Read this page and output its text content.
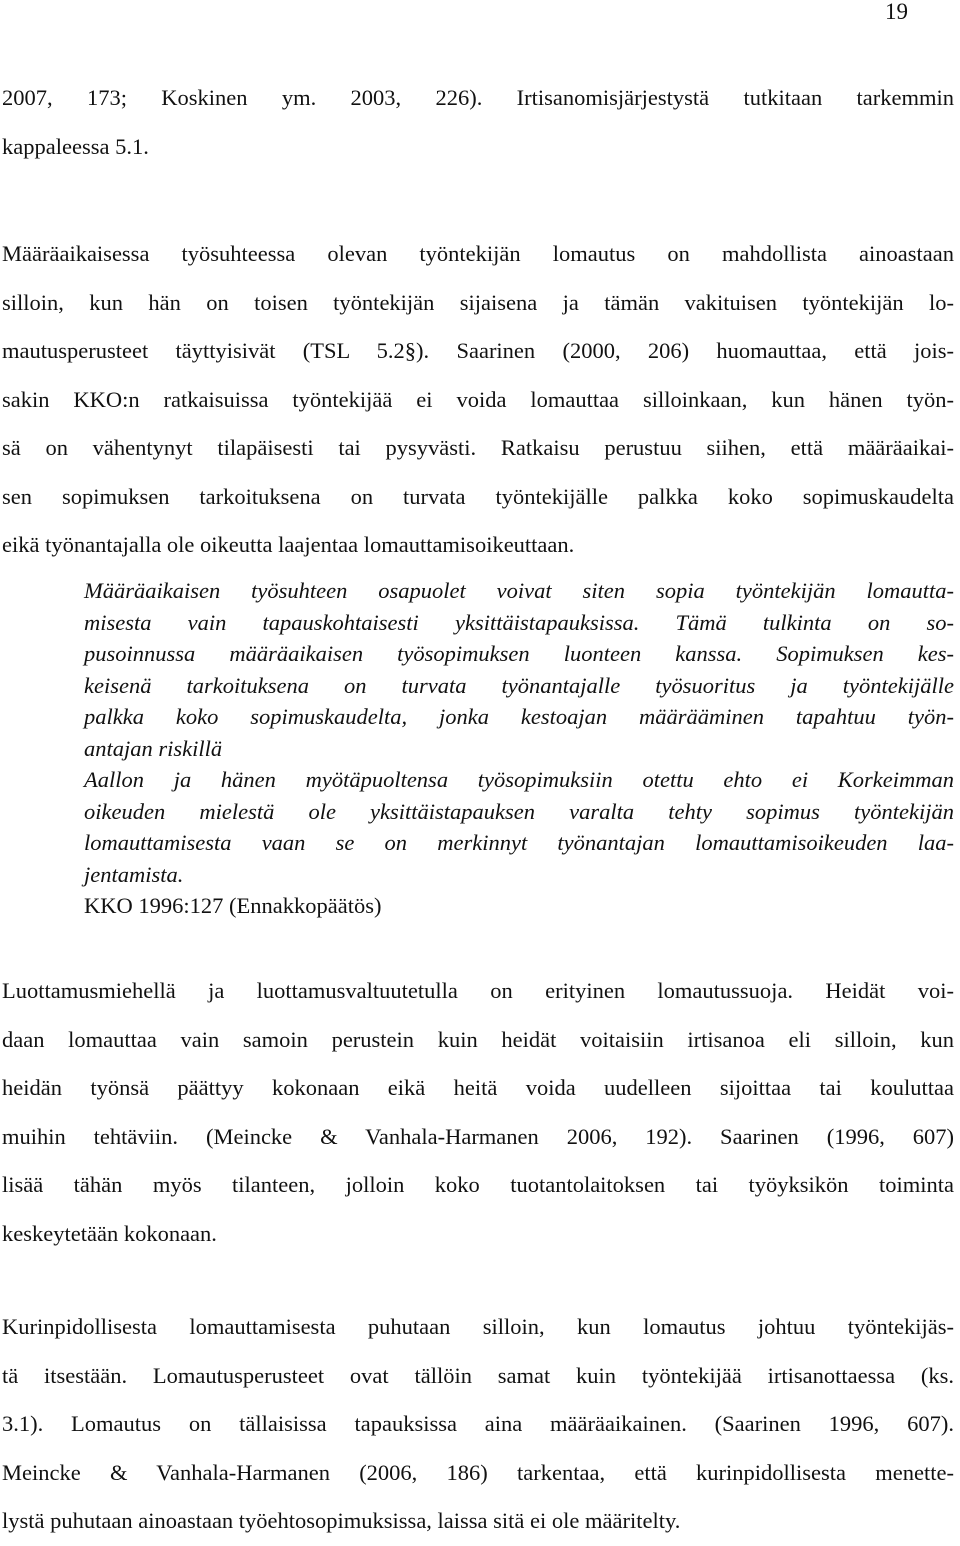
19
2007, 173; Koskinen ym. 2003, 226). Irtisanomisjärjestystä tutkitaan tarkemmin
kappaleessa 5.1.
Määräaikaisessa työsuhteessa olevan työntekijän lomautus on mahdollista ainoastaan
silloin, kun hän on toisen työntekijän sijaisena ja tämän vakituisen työntekijän lo-
mautusperusteet täyttyisivät (TSL 5.2§). Saarinen (2000, 206) huomauttaa, että jois-
sakin KKO:n ratkaisuissa työntekijää ei voida lomauttaa silloinkaan, kun hänen työn-
sä on vähentynyt tilapäisesti tai pysyvästi. Ratkaisu perustuu siihen, että määräaikai-
sen sopimuksen tarkoituksena on turvata työntekijälle palkka koko sopimuskaudelta
eikä työnantajalla ole oikeutta laajentaa lomauttamisoikeuttaan.
Määräaikaisen työsuhteen osapuolet voivat siten sopia työntekijän lomautta-
misesta vain tapauskohtaisesti yksittäistapauksissa. Tämä tulkinta on so-
pusoinnussa määräaikaisen työsopimuksen luonteen kanssa. Sopimuksen kes-
keisenä tarkoituksena on turvata työnantajalle työsuoritus ja työntekijälle
palkka koko sopimuskaudelta, jonka kestoajan määrääminen tapahtuu työn-
antajan riskillä
Aallon ja hänen myötäpuoltensa työsopimuksiin otettu ehto ei Korkeimman
oikeuden mielestä ole yksittäistapauksen varalta tehty sopimus työntekijän
lomauttamisesta vaan se on merkinnyt työnantajan lomauttamisoikeuden laa-
jentamista.
KKO 1996:127 (Ennakkopäätös)
Luottamusmiehellä ja luottamusvaltuutetulla on erityinen lomautussuoja. Heidät voi-
daan lomauttaa vain samoin perustein kuin heidät voitaisiin irtisanoa eli silloin, kun
heidän työnsä päättyy kokonaan eikä heitä voida uudelleen sijoittaa tai kouluttaa
muihin tehtäviin. (Meincke & Vanhala-Harmanen 2006, 192). Saarinen (1996, 607)
lisää tähän myös tilanteen, jolloin koko tuotantolaitoksen tai työyksikön toiminta
keskeytetään kokonaan.
Kurinpidollisesta lomauttamisesta puhutaan silloin, kun lomautus johtuu työntekijäs-
tä itsestään. Lomautusperusteet ovat tällöin samat kuin työntekijää irtisanottaessa (ks.
3.1). Lomautus on tällaisissa tapauksissa aina määräaikainen. (Saarinen 1996, 607).
Meincke & Vanhala-Harmanen (2006, 186) tarkentaa, että kurinpidollisesta menette-
lystä puhutaan ainoastaan työehtosopimuksissa, laissa sitä ei ole määritelty.
